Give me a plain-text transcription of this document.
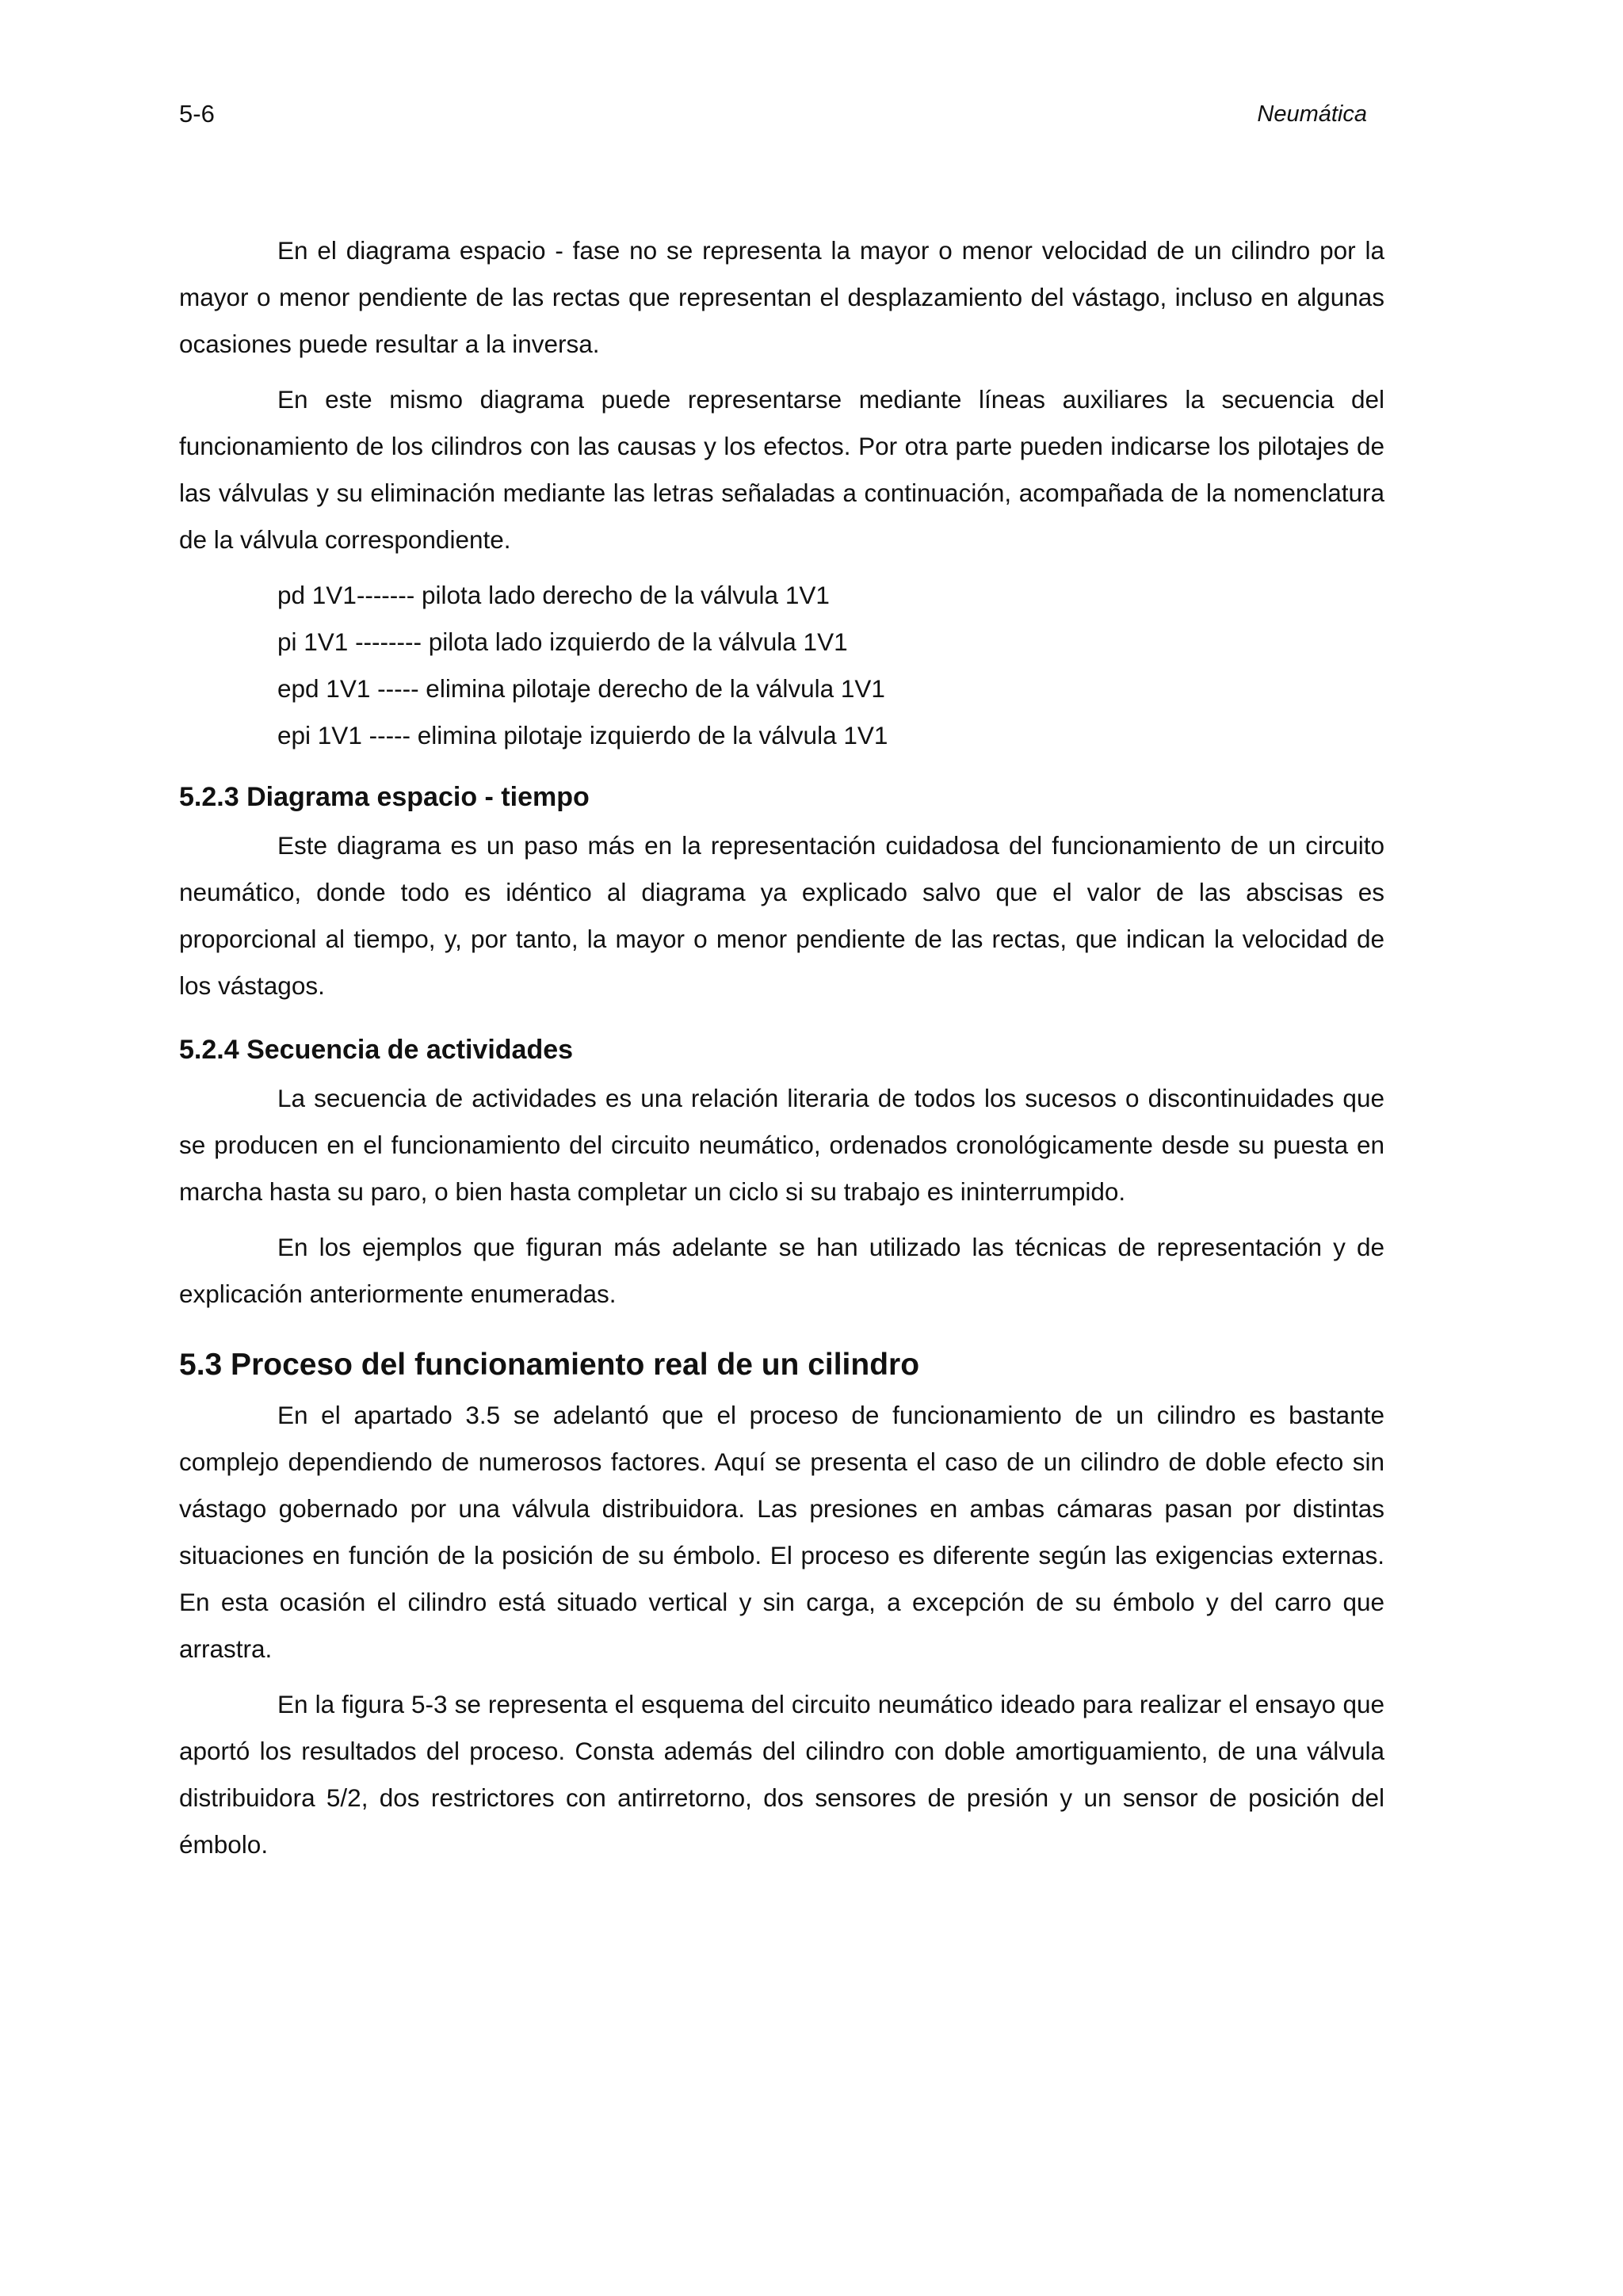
5-6	Neumática

En el diagrama espacio - fase no se representa la mayor o menor velocidad de un cilindro por la mayor o menor pendiente de las rectas que representan el desplazamiento del vástago, incluso en algunas ocasiones puede resultar a la inversa.

En este mismo diagrama puede representarse mediante líneas auxiliares la secuencia del funcionamiento de los cilindros con las causas y los efectos. Por otra parte pueden indicarse los pilotajes de las válvulas y su eliminación mediante las letras señaladas a continuación, acompañada de la nomenclatura de la válvula correspondiente.

pd 1V1------- pilota lado derecho de la válvula 1V1
pi 1V1 -------- pilota lado izquierdo de la válvula 1V1
epd 1V1 ----- elimina pilotaje derecho de la válvula 1V1
epi 1V1 ----- elimina pilotaje izquierdo de la válvula 1V1
5.2.3 Diagrama espacio - tiempo

Este diagrama es un paso más en la representación cuidadosa del funcionamiento de un circuito neumático, donde todo es idéntico al diagrama ya explicado salvo que el valor de las abscisas es proporcional al tiempo, y, por tanto, la mayor o menor pendiente de las rectas, que indican la velocidad de los vástagos.

5.2.4 Secuencia de actividades

La secuencia de actividades es una relación literaria de todos los sucesos o discontinuidades que se producen en el funcionamiento del circuito neumático, ordenados cronológicamente desde su puesta en marcha hasta su paro, o bien hasta completar un ciclo si su trabajo es ininterrumpido.

En los ejemplos que figuran más adelante se han utilizado las técnicas de representación y de explicación anteriormente enumeradas.

5.3 Proceso del funcionamiento real de un cilindro

En el apartado 3.5 se adelantó que el proceso de funcionamiento de un cilindro es bastante complejo dependiendo de numerosos factores. Aquí se presenta el caso de un cilindro de doble efecto sin vástago gobernado por una válvula distribuidora. Las presiones en ambas cámaras pasan por distintas situaciones en función de la posición de su émbolo. El proceso es diferente según las exigencias externas. En esta ocasión el cilindro está situado vertical y sin carga, a excepción de su émbolo y del carro que arrastra.

En la figura 5-3 se representa el esquema del circuito neumático ideado para realizar el ensayo que aportó los resultados del proceso. Consta además del cilindro con doble amortiguamiento, de una válvula distribuidora 5/2, dos restrictores con antirretorno, dos sensores de presión y un sensor de posición del émbolo.
